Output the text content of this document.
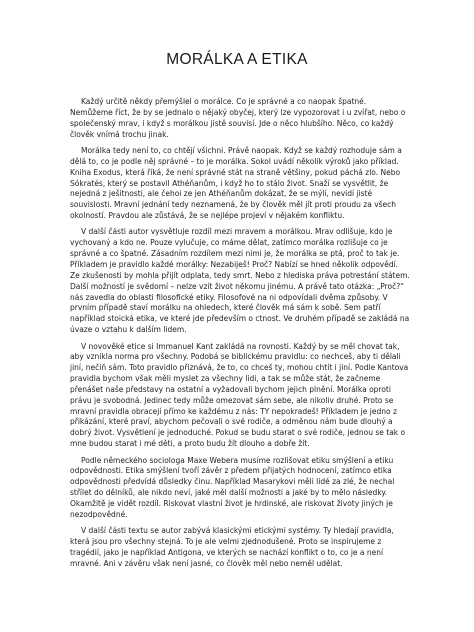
MORÁLKA A ETIKA

Každý určitě někdy přemýšlel o morálce. Co je správné a co naopak špatné. Nemůžeme říct, že by se jednalo o nějaký obyčej, který lze vypozorovat i u zvířat, nebo o společenský mrav, i když s morálkou jistě souvisí. Jde o něco hlubšího. Něco, co každý člověk vnímá trochu jinak.

Morálka tedy není to, co chtějí všichni. Právě naopak. Když se každý rozhoduje sám a dělá to, co je podle něj správné – to je morálka. Sokol uvádí několik výroků jako příklad. Kniha Exodus, která říká, že není správné stát na straně většiny, pokud páchá zlo. Nebo Sókratés, který se postavil Athéňanům, i když ho to stálo život. Snaží se vysvětlit, že nejedná z ješitnosti, ale čehoi ze jen Athéňanům dokázat, že se mýlí, nevidí jisté souvislosti. Mravní jednání tedy neznamená, že by člověk měl jít proti proudu za všech okolností. Pravdou ale zůstává, že se nejlépe projeví v nějakém konfliktu.

V další části autor vysvětluje rozdíl mezi mravem a morálkou. Mrav odlišuje, kdo je vychovaný a kdo ne. Pouze vylučuje, co máme dělat, zatímco morálka rozlišuje co je správné a co špatné. Zásadním rozdílem mezi nimi je, že morálka se ptá, proč to tak je. Příkladem je pravidlo každé morálky: Nezabiješ! Proč? Nabízí se hned několik odpovědí. Ze zkušenosti by mohla přijít odplata, tedy smrt. Nebo z hlediska práva potrestání státem. Další možností je svědomí – nelze vzít život někomu jinému. A právě tato otázka: „Proč?“ nás zavedla do oblasti filosofické etiky. Filosofové na ni odpovídali dvěma způsoby. V prvním případě staví morálku na ohledech, které člověk má sám k sobě. Sem patří například stoická etika, ve které jde především o ctnost. Ve druhém případě se zakládá na úvaze o vztahu k dalším lidem.

V novověké etice si Immanuel Kant zakládá na rovnosti. Každý by se měl chovat tak, aby vznikla norma pro všechny. Podobá se biblickému pravidlu: co nechceš, aby ti dělali jiní, nečiň sám. Toto pravidlo přiznává, že to, co chceš ty, mohou chtít i jiní. Podle Kantova pravidla bychom však měli myslet za všechny lidi, a tak se může stát, že začneme přenášet naše představy na ostatní a vyžadovali bychom jejich plnění. Morálka oproti právu je svobodná. Jedinec tedy může omezovat sám sebe, ale nikoliv druhé. Proto se mravní pravidla obracejí přímo ke každému z nás: TY nepokradeš! Příkladem je jedno z přikázání, které praví, abychom pečovali o své rodiče, a odměnou nám bude dlouhý a dobrý život. Vysvětlení je jednoduché. Pokud se budu starat o své rodiče, jednou se tak o mne budou starat i mé děti, a proto budu žít dlouho a dobře žít.

Podle německého sociologa Maxe Webera musíme rozlišovat etiku smýšlení a etiku odpovědnosti. Etika smýšlení tvoří závěr z předem přijatých hodnocení, zatímco etika odpovědnosti předvídá důsledky činu. Například Masarykovi měli lidé za zlé, že nechal střílet do dělníků, ale nikdo neví, jaké měl další možnosti a jaké by to mělo následky. Okamžitě je vidět rozdíl. Riskovat vlastní život je hrdinské, ale riskovat životy jiných je nezodpovědné.

V další části textu se autor zabývá klasickými etickými systémy. Ty hledají pravidla, která jsou pro všechny stejná. To je ale velmi zjednodušené. Proto se inspirujeme z tragédií, jako je například Antigona, ve kterých se nachází konflikt o to, co je a není mravné. Ani v závěru však není jasné, co člověk měl nebo neměl udělat.
